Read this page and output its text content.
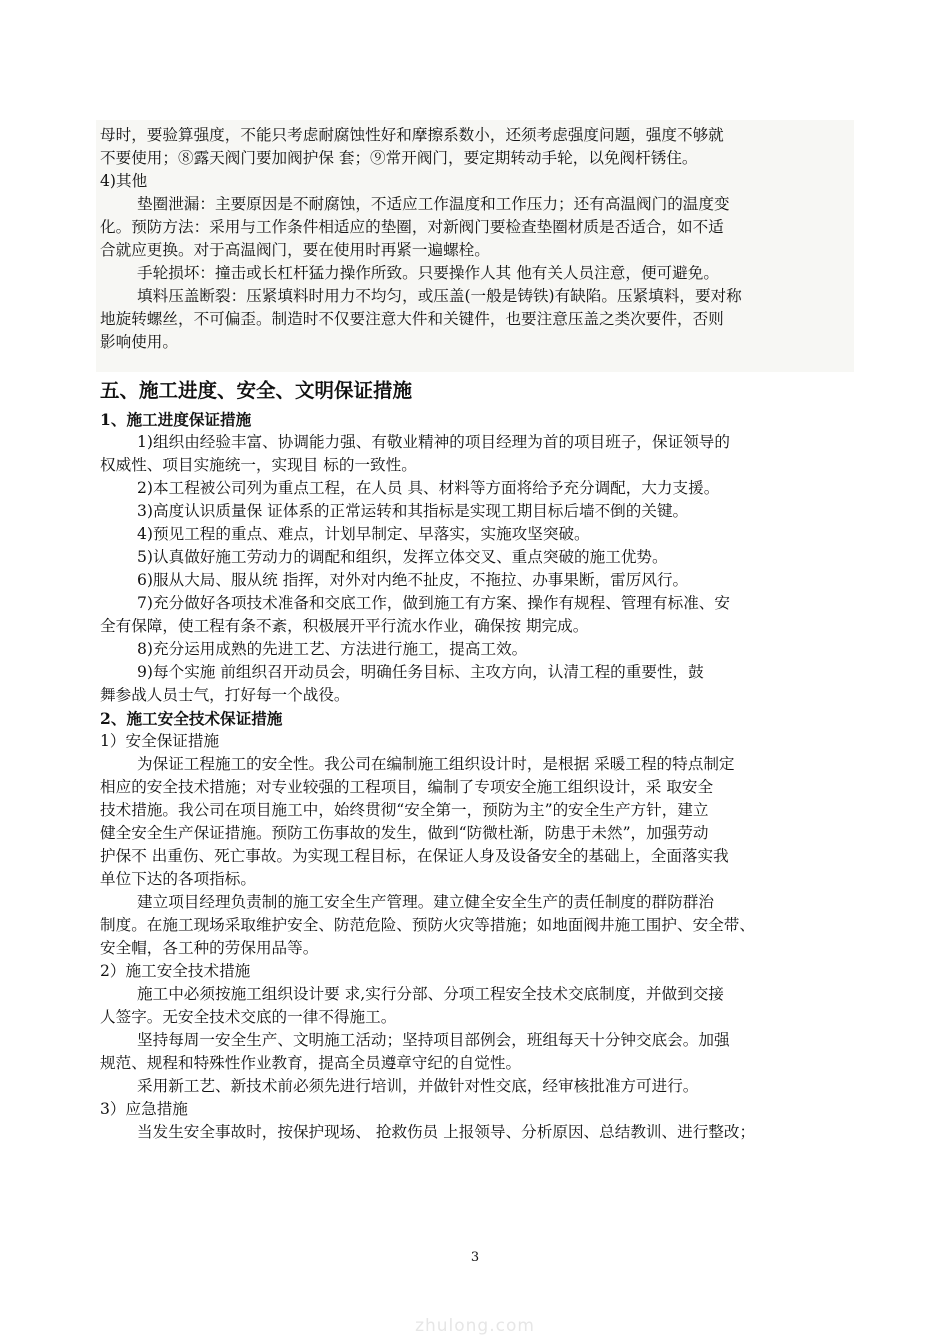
母时，要验算强度，不能只考虑耐腐蚀性好和摩擦系数小，还须考虑强度问题，强度不够就
不要使用；⑧露天阀门要加阀护保 套；⑨常开阀门，要定期转动手轮，以免阀杆锈住。
4)其他
垫圈泄漏：主要原因是不耐腐蚀，不适应工作温度和工作压力；还有高温阀门的温度变
化。预防方法：采用与工作条件相适应的垫圈，对新阀门要检查垫圈材质是否适合，如不适
合就应更换。对于高温阀门，要在使用时再紧一遍螺栓。
手轮损坏：撞击或长杠杆猛力操作所致。只要操作人其 他有关人员注意，便可避免。
填料压盖断裂：压紧填料时用力不均匀，或压盖(一般是铸铁)有缺陷。压紧填料，要对称
地旋转螺丝，不可偏歪。制造时不仅要注意大件和关键件，也要注意压盖之类次要件，否则
影响使用。
五、施工进度、安全、文明保证措施
1、施工进度保证措施
1)组织由经验丰富、协调能力强、有敬业精神的项目经理为首的项目班子，保证领导的
权威性、项目实施统一，实现目 标的一致性。
2)本工程被公司列为重点工程，在人员 具、材料等方面将给予充分调配，大力支援。
3)高度认识质量保 证体系的正常运转和其指标是实现工期目标后墙不倒的关键。
4)预见工程的重点、难点，计划早制定、早落实，实施攻坚突破。
5)认真做好施工劳动力的调配和组织，发挥立体交叉、重点突破的施工优势。
6)服从大局、服从统 指挥，对外对内绝不扯皮，不拖拉、办事果断，雷厉风行。
7)充分做好各项技术准备和交底工作，做到施工有方案、操作有规程、管理有标准、安
全有保障，使工程有条不紊，积极展开平行流水作业，确保按 期完成。
8)充分运用成熟的先进工艺、方法进行施工，提高工效。
9)每个实施 前组织召开动员会，明确任务目标、主攻方向，认清工程的重要性，鼓
舞参战人员士气，打好每一个战役。
2、施工安全技术保证措施
1）安全保证措施
为保证工程施工的安全性。我公司在编制施工组织设计时，是根据 采暖工程的特点制定
相应的安全技术措施；对专业较强的工程项目，编制了专项安全施工组织设计，采 取安全
技术措施。我公司在项目施工中，始终贯彻“安全第一，预防为主”的安全生产方针，建立
健全安全生产保证措施。预防工伤事故的发生，做到“防微杜渐，防患于未然”，加强劳动
护保不 出重伤、死亡事故。为实现工程目标，在保证人身及设备安全的基础上，全面落实我
单位下达的各项指标。
建立项目经理负责制的施工安全生产管理。建立健全安全生产的责任制度的群防群治
制度。在施工现场采取维护安全、防范危险、预防火灾等措施；如地面阀井施工围护、安全带、
安全帽，各工种的劳保用品等。
2）施工安全技术措施
施工中必须按施工组织设计要 求,实行分部、分项工程安全技术交底制度，并做到交接
人签字。无安全技术交底的一律不得施工。
坚持每周一安全生产、文明施工活动；坚持项目部例会，班组每天十分钟交底会。加强
规范、规程和特殊性作业教育，提高全员遵章守纪的自觉性。
采用新工艺、新技术前必须先进行培训，并做针对性交底，经审核批准方可进行。
3）应急措施
当发生安全事故时，按保护现场、 抢救伤员 上报领导、分析原因、总结教训、进行整改；
3
zhulong.com
